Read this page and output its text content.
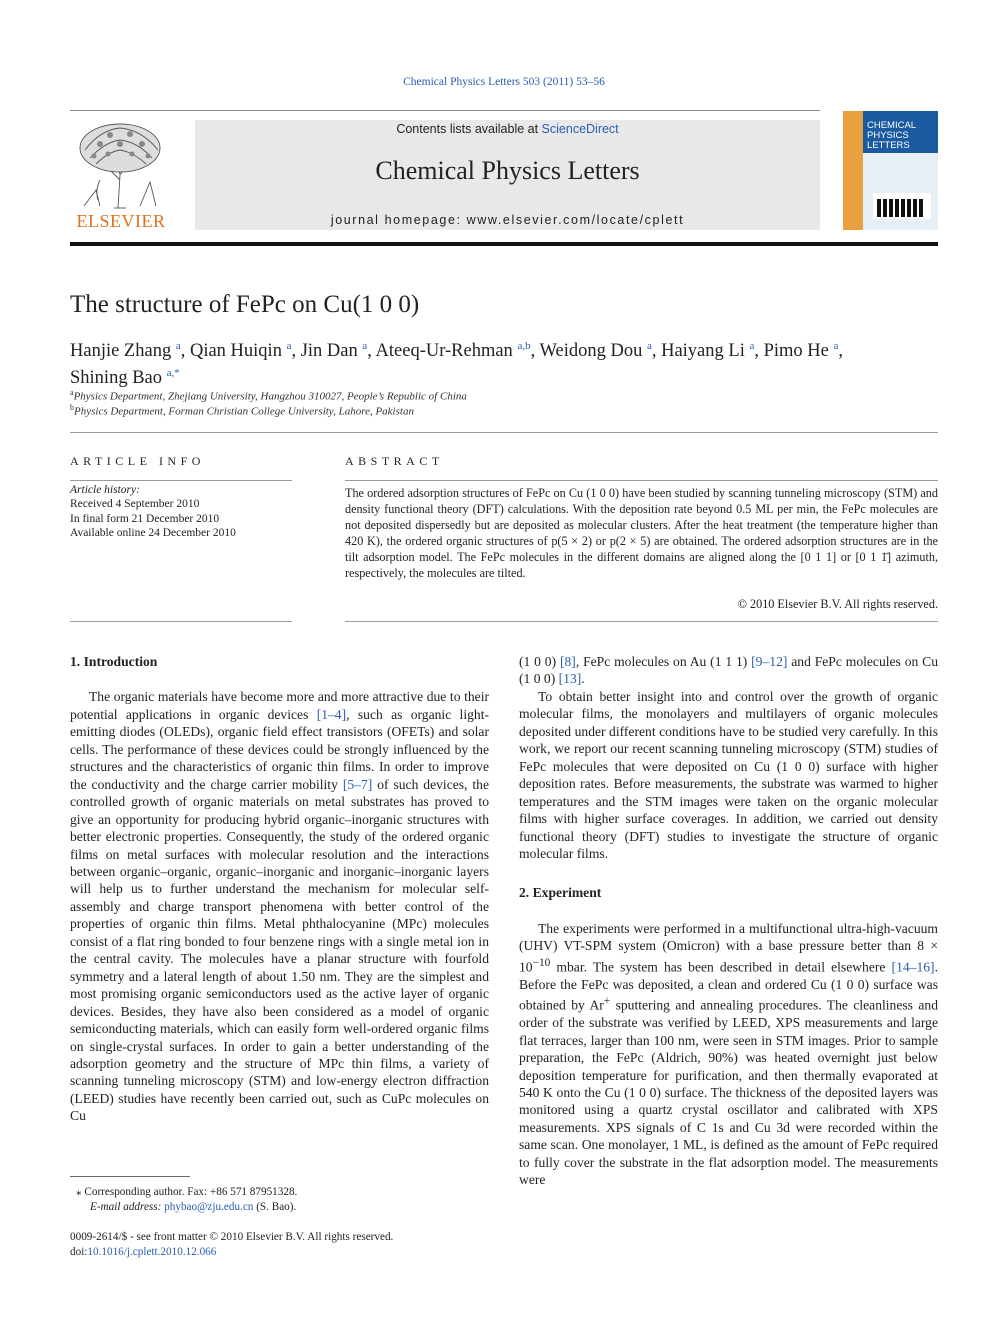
Chemical Physics Letters 503 (2011) 53–56
ELSEVIER
Contents lists available at ScienceDirect
Chemical Physics Letters
journal homepage: www.elsevier.com/locate/cplett
CHEMICAL
PHYSICS
LETTERS
The structure of FePc on Cu(1 0 0)
Hanjie Zhang $^a$, Qian Huiqin $^a$, Jin Dan $^a$, Ateeq-Ur-Rehman $^{a,b}$, Weidong Dou $^a$, Haiyang Li $^a$, Pimo He $^a$,
Shining Bao $^{a,*}$
$^a$Physics Department, Zhejiang University, Hangzhou 310027, People’s Republic of China
$^b$Physics Department, Forman Christian College University, Lahore, Pakistan
ARTICLE INFO
Article history:
Received 4 September 2010
In final form 21 December 2010
Available online 24 December 2010
ABSTRACT
The ordered adsorption structures of FePc on Cu (1 0 0) have been studied by scanning tunneling microscopy (STM) and density functional theory (DFT) calculations. With the deposition rate beyond 0.5 ML per min, the FePc molecules are not deposited dispersedly but are deposited as molecular clusters. After the heat treatment (the temperature higher than 420 K), the ordered organic structures of p(5 × 2) or p(2 × 5) are obtained. The ordered adsorption structures are in the tilt adsorption model. The FePc molecules in the different domains are aligned along the [0 1 1] or [0 1 1̄] azimuth, respectively, the molecules are tilted.
© 2010 Elsevier B.V. All rights reserved.
1. Introduction

The organic materials have become more and more attractive due to their potential applications in organic devices [1–4], such as organic light-emitting diodes (OLEDs), organic field effect transistors (OFETs) and solar cells. The performance of these devices could be strongly influenced by the structures and the characteristics of organic thin films. In order to improve the conductivity and the charge carrier mobility [5–7] of such devices, the controlled growth of organic materials on metal substrates has proved to give an opportunity for producing hybrid organic–inorganic structures with better electronic properties. Consequently, the study of the ordered organic films on metal surfaces with molecular resolution and the interactions between organic–organic, organic–inorganic and inorganic–inorganic layers will help us to further understand the mechanism for molecular self-assembly and charge transport phenomena with better control of the properties of organic thin films. Metal phthalocyanine (MPc) molecules consist of a flat ring bonded to four benzene rings with a single metal ion in the central cavity. The molecules have a planar structure with fourfold symmetry and a lateral length of about 1.50 nm. They are the simplest and most promising organic semiconductors used as the active layer of organic devices. Besides, they have also been considered as a model of organic semiconducting materials, which can easily form well-ordered organic films on single-crystal surfaces. In order to gain a better understanding of the adsorption geometry and the structure of MPc thin films, a variety of scanning tunneling microscopy (STM) and low-energy electron diffraction (LEED) studies have recently been carried out, such as CuPc molecules on Cu

(1 0 0) [8], FePc molecules on Au (1 1 1) [9–12] and FePc molecules on Cu (1 0 0) [13].

To obtain better insight into and control over the growth of organic molecular films, the monolayers and multilayers of organic molecules deposited under different conditions have to be studied very carefully. In this work, we report our recent scanning tunneling microscopy (STM) studies of FePc molecules that were deposited on Cu (1 0 0) surface with higher deposition rates. Before measurements, the substrate was warmed to higher temperatures and the STM images were taken on the organic molecular films with higher surface coverages. In addition, we carried out density functional theory (DFT) studies to investigate the structure of organic molecular films.

2. Experiment

The experiments were performed in a multifunctional ultra-high-vacuum (UHV) VT-SPM system (Omicron) with a base pressure better than $8 \times 10^{-10}$ mbar. The system has been described in detail elsewhere [14–16]. Before the FePc was deposited, a clean and ordered Cu (1 0 0) surface was obtained by Ar+ sputtering and annealing procedures. The cleanliness and order of the substrate was verified by LEED, XPS measurements and large flat terraces, larger than 100 nm, were seen in STM images. Prior to sample preparation, the FePc (Aldrich, 90%) was heated overnight just below deposition temperature for purification, and then thermally evaporated at 540 K onto the Cu (1 0 0) surface. The thickness of the deposited layers was monitored using a quartz crystal oscillator and calibrated with XPS measurements. XPS signals of C 1s and Cu 3d were recorded within the same scan. One monolayer, 1 ML, is defined as the amount of FePc required to fully cover the substrate in the flat adsorption model. The measurements were

⁎ Corresponding author. Fax: +86 571 87951328.
E-mail address: phybao@zju.edu.cn (S. Bao).
0009-2614/$ - see front matter © 2010 Elsevier B.V. All rights reserved.
doi:10.1016/j.cplett.2010.12.066
